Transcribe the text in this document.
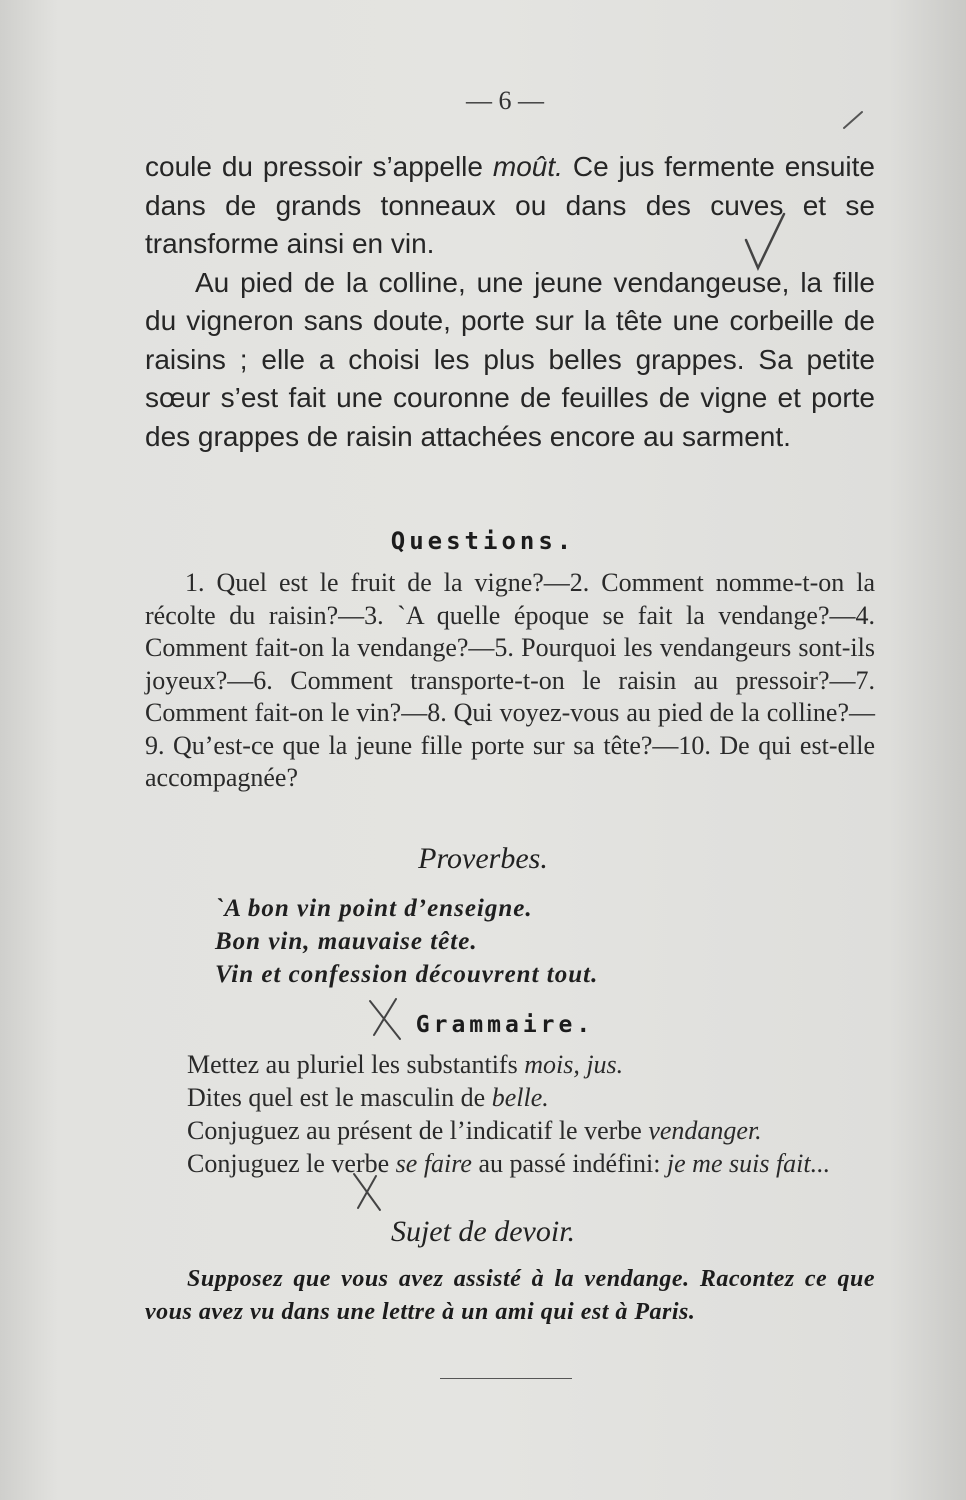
— 6 —

coule du pressoir s’appelle moût. Ce jus fermente ensuite dans de grands tonneaux ou dans des cuves et se transforme ainsi en vin.

Au pied de la colline, une jeune vendangeuse, la fille du vigneron sans doute, porte sur la tête une corbeille de raisins ; elle a choisi les plus belles grappes. Sa petite sœur s’est fait une couronne de feuilles de vigne et porte des grappes de raisin attachées encore au sarment.

Questions.

1. Quel est le fruit de la vigne?—2. Comment nomme-t-on la récolte du raisin?—3. `A quelle époque se fait la vendange?—4. Comment fait-on la vendange?—5. Pourquoi les vendangeurs sont-ils joyeux?—6. Comment transporte-t-on le raisin au pressoir?—7. Comment fait-on le vin?—8. Qui voyez-vous au pied de la colline?—9. Qu’est-ce que la jeune fille porte sur sa tête?—10. De qui est-elle accompagnée?

Proverbes.
`A bon vin point d’enseigne.
Bon vin, mauvaise tête.
Vin et confession découvrent tout.
Grammaire.
Mettez au pluriel les substantifs mois, jus.
Dites quel est le masculin de belle.
Conjuguez au présent de l’indicatif le verbe vendanger.
Conjuguez le verbe se faire au passé indéfini: je me suis fait...
Sujet de devoir.
Supposez que vous avez assisté à la vendange. Racontez ce que vous avez vu dans une lettre à un ami qui est à Paris.
